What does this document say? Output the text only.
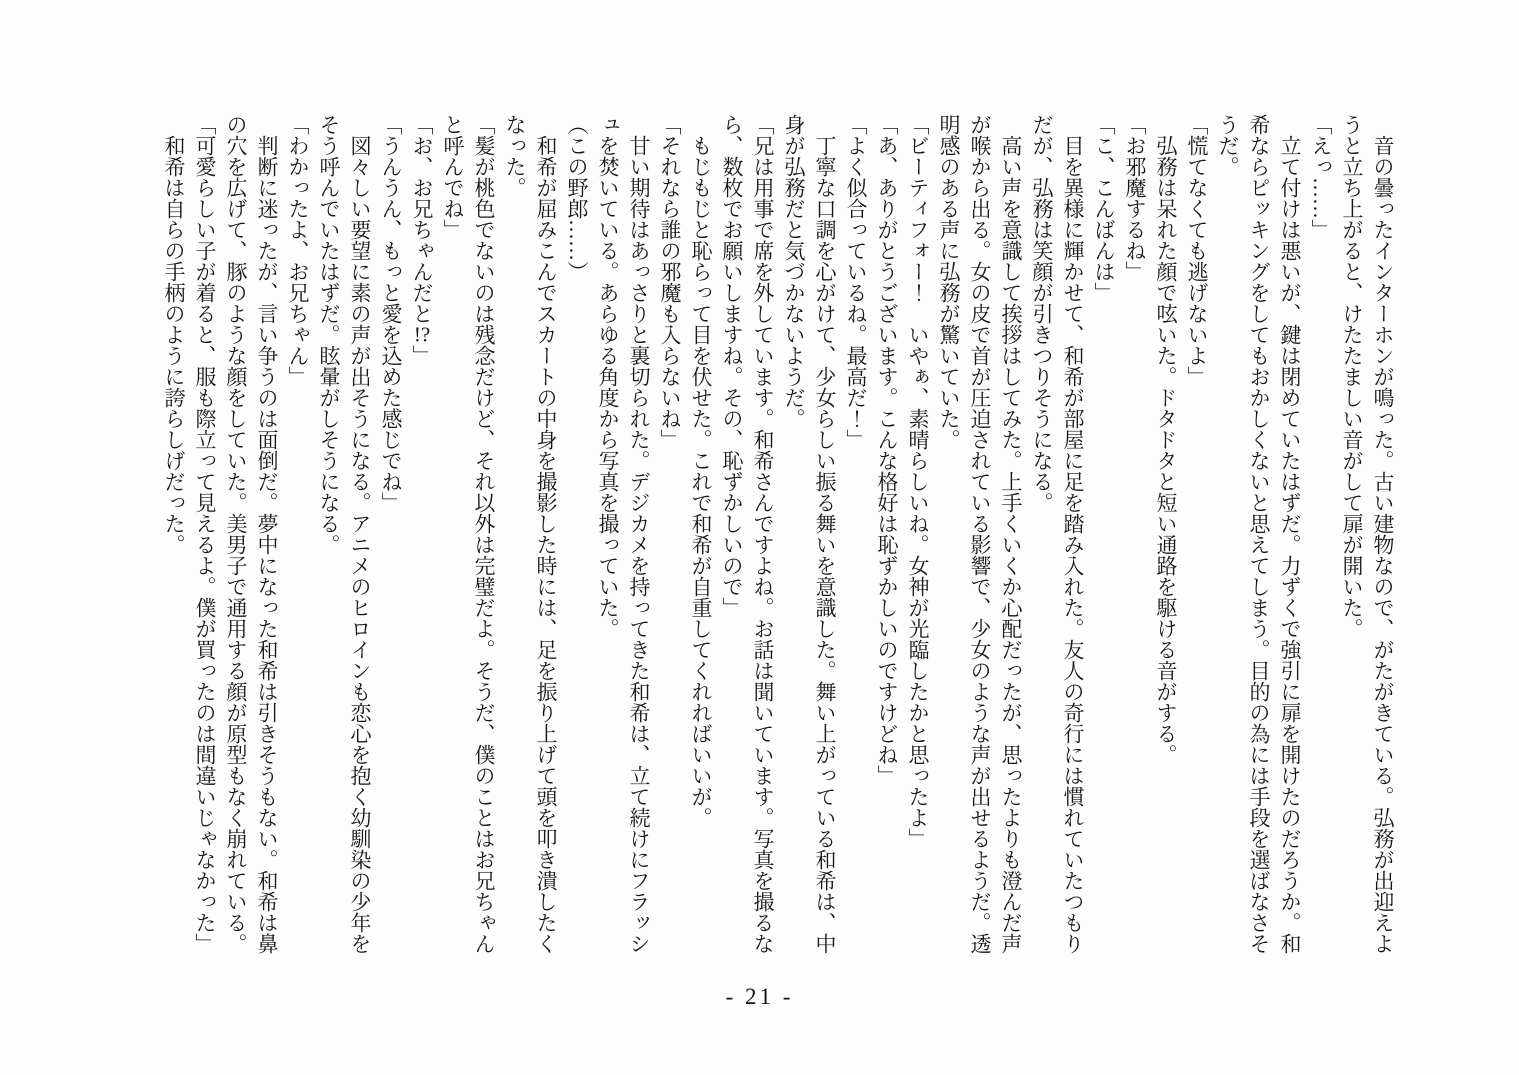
音の曇ったインターホンが鳴った。古い建物なので、がたがきている。弘務が出迎えようと立ち上がると、けたたましい音がして扉が開いた。

「えっ……」

立て付けは悪いが、鍵は閉めていたはずだ。力ずくで強引に扉を開けたのだろうか。和希ならピッキングをしてもおかしくないと思えてしまう。目的の為には手段を選ばなさそうだ。

「慌てなくても逃げないよ」

弘務は呆れた顔で呟いた。ドタドタと短い通路を駆ける音がする。

「お邪魔するね」

「こ、こんばんは」

目を異様に輝かせて、和希が部屋に足を踏み入れた。友人の奇行には慣れていたつもりだが、弘務は笑顔が引きつりそうになる。

高い声を意識して挨拶はしてみた。上手くいくか心配だったが、思ったよりも澄んだ声が喉から出る。女の皮で首が圧迫されている影響で、少女のような声が出せるようだ。透明感のある声に弘務が驚いていた。

「ビーティフォー！　いやぁ、素晴らしいね。女神が光臨したかと思ったよ」

「あ、ありがとうございます。こんな格好は恥ずかしいのですけどね」

「よく似合っているね。最高だ！」

丁寧な口調を心がけて、少女らしい振る舞いを意識した。舞い上がっている和希は、中身が弘務だと気づかないようだ。

「兄は用事で席を外しています。和希さんですよね。お話は聞いています。写真を撮るなら、数枚でお願いしますね。その、恥ずかしいので」

もじもじと恥らって目を伏せた。これで和希が自重してくれればいいが。

「それなら誰の邪魔も入らないね」

甘い期待はあっさりと裏切られた。デジカメを持ってきた和希は、立て続けにフラッシュを焚いている。あらゆる角度から写真を撮っていた。

（この野郎……）

和希が屈みこんでスカートの中身を撮影した時には、足を振り上げて頭を叩き潰したくなった。

「髪が桃色でないのは残念だけど、それ以外は完璧だよ。そうだ、僕のことはお兄ちゃんと呼んでね」

「お、お兄ちゃんだと!?」

「うんうん、もっと愛を込めた感じでね」

図々しい要望に素の声が出そうになる。アニメのヒロインも恋心を抱く幼馴染の少年をそう呼んでいたはずだ。眩暈がしそうになる。

「わかったよ、お兄ちゃん」

判断に迷ったが、言い争うのは面倒だ。夢中になった和希は引きそうもない。和希は鼻の穴を広げて、豚のような顔をしていた。美男子で通用する顔が原型もなく崩れている。

「可愛らしい子が着ると、服も際立って見えるよ。僕が買ったのは間違いじゃなかった」

和希は自らの手柄のように誇らしげだった。

- 21 -
